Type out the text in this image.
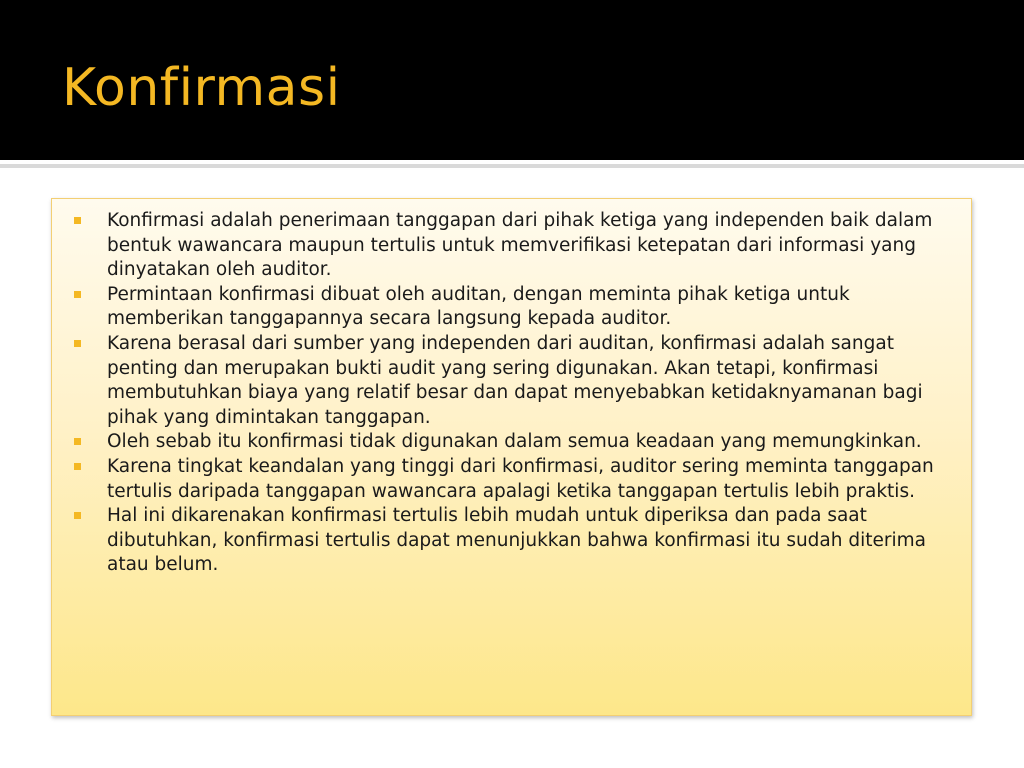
Konfirmasi
Konfirmasi adalah penerimaan tanggapan dari pihak ketiga yang independen baik dalam bentuk wawancara maupun tertulis untuk memverifikasi ketepatan dari informasi yang dinyatakan oleh auditor.
Permintaan konfirmasi dibuat oleh auditan, dengan meminta pihak ketiga untuk memberikan tanggapannya secara langsung kepada auditor.
Karena berasal dari sumber yang independen dari auditan, konfirmasi adalah sangat penting dan merupakan bukti audit yang sering digunakan. Akan tetapi, konfirmasi membutuhkan biaya yang relatif besar dan dapat menyebabkan ketidaknyamanan bagi pihak yang dimintakan tanggapan.
Oleh sebab itu konfirmasi tidak digunakan dalam semua keadaan yang memungkinkan.
Karena tingkat keandalan yang tinggi dari konfirmasi, auditor sering meminta tanggapan tertulis daripada tanggapan wawancara apalagi ketika tanggapan tertulis lebih praktis.
Hal ini dikarenakan konfirmasi tertulis lebih mudah untuk diperiksa dan pada saat dibutuhkan, konfirmasi tertulis dapat menunjukkan bahwa konfirmasi itu sudah diterima atau belum.
